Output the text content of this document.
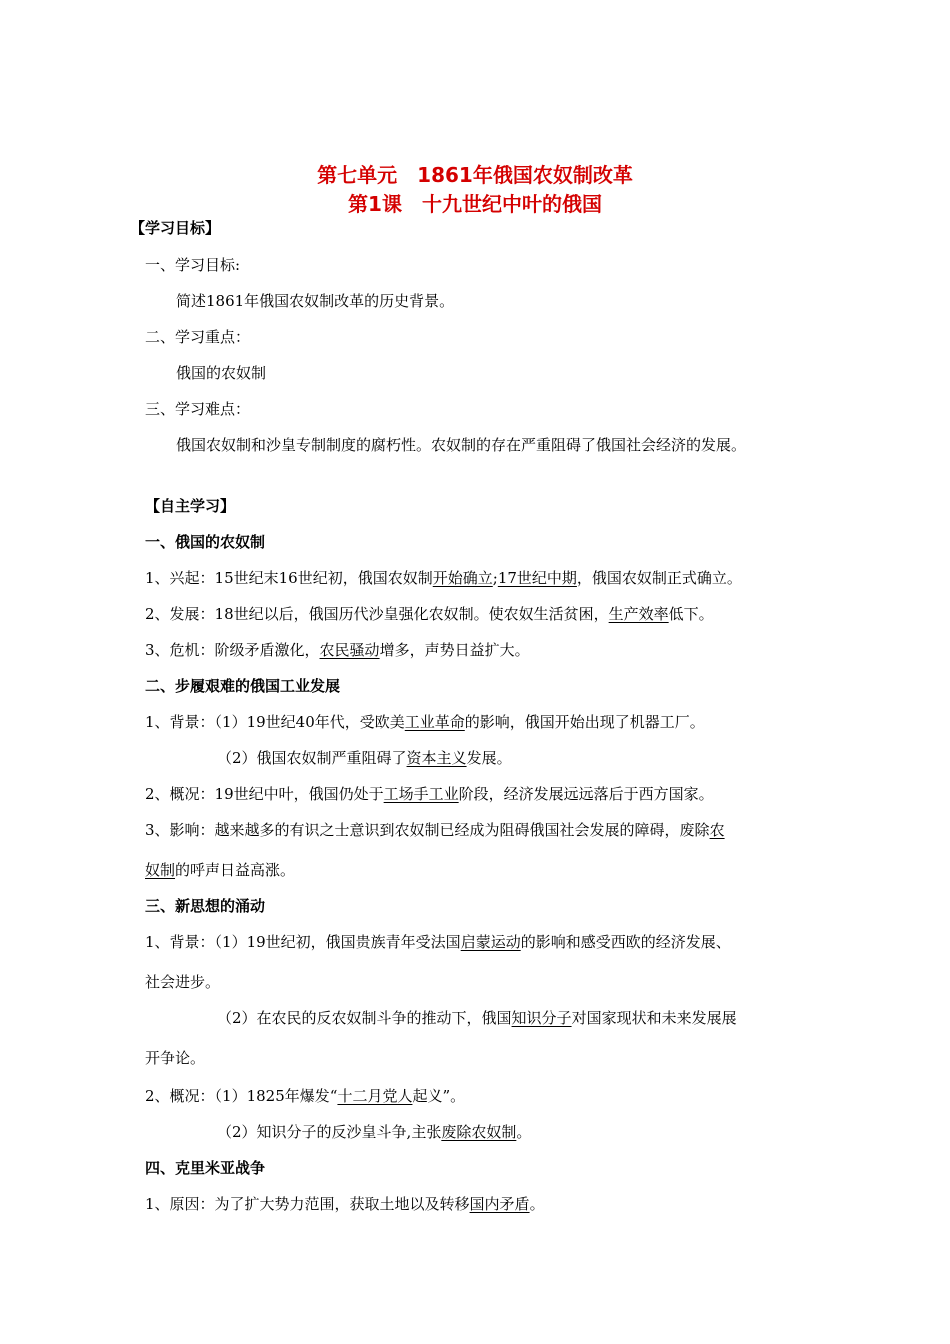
第七单元　1861年俄国农奴制改革
第1课　十九世纪中叶的俄国
【学习目标】
一、学习目标:
简述1861年俄国农奴制改革的历史背景。
二、学习重点：
俄国的农奴制
三、学习难点：
俄国农奴制和沙皇专制制度的腐朽性。农奴制的存在严重阻碍了俄国社会经济的发展。
【自主学习】
一、俄国的农奴制
1、兴起：15世纪末16世纪初，俄国农奴制开始确立;17世纪中期，俄国农奴制正式确立。
2、发展：18世纪以后，俄国历代沙皇强化农奴制。使农奴生活贫困，生产效率低下。
3、危机：阶级矛盾激化，农民骚动增多，声势日益扩大。
二、步履艰难的俄国工业发展
1、背景：（1）19世纪40年代，受欧美工业革命的影响，俄国开始出现了机器工厂。
（2）俄国农奴制严重阻碍了资本主义发展。
2、概况：19世纪中叶，俄国仍处于工场手工业阶段，经济发展远远落后于西方国家。
3、影响：越来越多的有识之士意识到农奴制已经成为阻碍俄国社会发展的障碍，废除农
奴制的呼声日益高涨。
三、新思想的涌动
1、背景：（1）19世纪初，俄国贵族青年受法国启蒙运动的影响和感受西欧的经济发展、
社会进步。
（2）在农民的反农奴制斗争的推动下，俄国知识分子对国家现状和未来发展展
开争论。
2、概况：（1）1825年爆发“十二月党人起义”。
（2）知识分子的反沙皇斗争,主张废除农奴制。
四、克里米亚战争
1、原因：为了扩大势力范围，获取土地以及转移国内矛盾。
